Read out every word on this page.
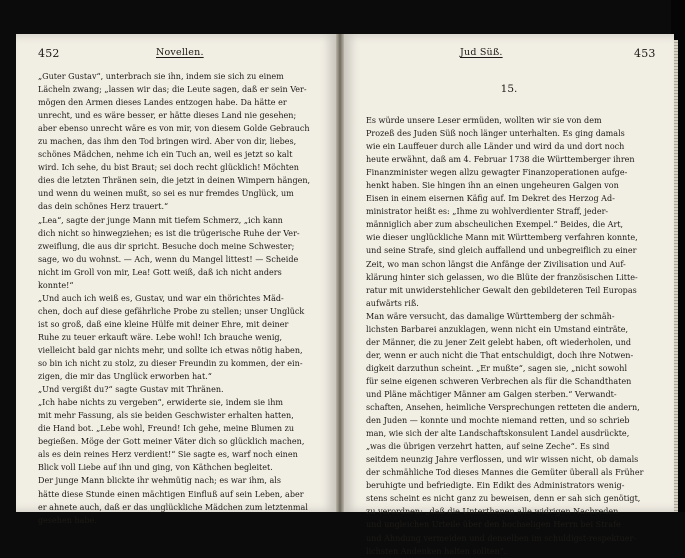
452	Novellen.
„Guter Gustav“, unterbrach sie ihn, indem sie sich zu einem
Lächeln zwang; „lassen wir das; die Leute sagen, daß er sein Ver-
mögen den Armen dieses Landes entzogen habe. Da hätte er
unrecht, und es wäre besser, er hätte dieses Land nie gesehen;
aber ebenso unrecht wäre es von mir, von diesem Golde Gebrauch
zu machen, das ihm den Tod bringen wird. Aber von dir, liebes,
schönes Mädchen, nehme ich ein Tuch an, weil es jetzt so kalt
wird. Ich sehe, du bist Braut; sei doch recht glücklich! Möchten
dies die letzten Thränen sein, die jetzt in deinen Wimpern hängen,
und wenn du weinen mußt, so sei es nur fremdes Unglück, um
das dein schönes Herz trauert.“
„Lea“, sagte der junge Mann mit tiefem Schmerz, „ich kann
dich nicht so hinwegziehen; es ist die trügerische Ruhe der Ver-
zweiflung, die aus dir spricht. Besuche doch meine Schwester;
sage, wo du wohnst. — Ach, wenn du Mangel littest! — Scheide
nicht im Groll von mir, Lea! Gott weiß, daß ich nicht anders
konnte!“
„Und auch ich weiß es, Gustav, und war ein thörichtes Mäd-
chen, doch auf diese gefährliche Probe zu stellen; unser Unglück
ist so groß, daß eine kleine Hülfe mit deiner Ehre, mit deiner
Ruhe zu teuer erkauft wäre. Lebe wohl! Ich brauche wenig,
vielleicht bald gar nichts mehr, und sollte ich etwas nötig haben,
so bin ich nicht zu stolz, zu dieser Freundin zu kommen, der ein-
zigen, die mir das Unglück erworben hat.“
„Und vergißt du?“ sagte Gustav mit Thränen.
„Ich habe nichts zu vergeben“, erwiderte sie, indem sie ihm
mit mehr Fassung, als sie beiden Geschwister erhalten hatten,
die Hand bot. „Lebe wohl, Freund! Ich gehe, meine Blumen zu
begießen. Möge der Gott meiner Väter dich so glücklich machen,
als es dein reines Herz verdient!“ Sie sagte es, warf noch einen
Blick voll Liebe auf ihn und ging, von Käthchen begleitet.
Der junge Mann blickte ihr wehmütig nach; es war ihm, als
hätte diese Stunde einen mächtigen Einfluß auf sein Leben, aber
er ahnete auch, daß er das unglückliche Mädchen zum letztenmal
gesehen habe.
Jud Süß.	453
15.
Es würde unsere Leser ermüden, wollten wir sie von dem
Prozeß des Juden Süß noch länger unterhalten. Es ging damals
wie ein Lauffeuer durch alle Länder und wird da und dort noch
heute erwähnt, daß am 4. Februar 1738 die Württemberger ihren
Finanzminister wegen allzu gewagter Finanzoperationen aufge-
henkt haben. Sie hingen ihn an einen ungeheuren Galgen von
Eisen in einem eisernen Käfig auf. Im Dekret des Herzog Ad-
ministrator heißt es: „Ihme zu wohlverdienter Straff, jeder-
männiglich aber zum abscheulichen Exempel.“ Beides, die Art,
wie dieser unglückliche Mann mit Württemberg verfahren konnte,
und seine Strafe, sind gleich auffallend und unbegreiflich zu einer
Zeit, wo man schon längst die Anfänge der Zivilisation und Auf-
klärung hinter sich gelassen, wo die Blüte der französischen Litte-
ratur mit unwiderstehlicher Gewalt den gebildeteren Teil Europas
aufwärts riß.
Man wäre versucht, das damalige Württemberg der schmäh-
lichsten Barbarei anzuklagen, wenn nicht ein Umstand einträte,
der Männer, die zu jener Zeit gelebt haben, oft wiederholen, und
der, wenn er auch nicht die That entschuldigt, doch ihre Notwen-
digkeit darzuthun scheint. „Er mußte“, sagen sie, „nicht sowohl
für seine eigenen schweren Verbrechen als für die Schandthaten
und Pläne mächtiger Männer am Galgen sterben.“ Verwandt-
schaften, Ansehen, heimliche Versprechungen retteten die andern,
den Juden — konnte und mochte niemand retten, und so schrieb
man, wie sich der alte Landschaftskonsulent Landel ausdrückte,
„was die übrigen verzehrt hatten, auf seine Zeche“. Es sind
seitdem neunzig Jahre verflossen, und wir wissen nicht, ob damals
der schmähliche Tod dieses Mannes die Gemüter überall als Früher
beruhigte und befriedigte. Ein Edikt des Administrators wenig-
stens scheint es nicht ganz zu beweisen, denn er sah sich genötigt,
zu verordnen: „daß die Unterthanen alle widrigen Nachreden
und ungleichen Urteile über den hochseligen Herrn bei Strafe
und Ahndung vermeiden und denselben im schuldigst-respektuer-
lichsten Andenken halten sollten“.
